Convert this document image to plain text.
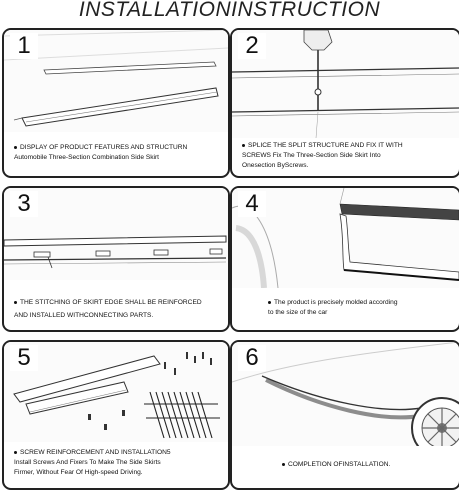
INSTALLATIONINSTRUCTION
1
DISPLAY OF PRODUCT FEATURES AND STRUCTURN
Automobile Three-Section Combination Side Skirt
2
SPLICE THE SPLIT STRUCTURE AND FIX IT WITH
SCREWS Fix The Three-Section Side Skirt Into
Onesection ByScrews.
3
THE STITCHING OF SKIRT EDGE SHALL BE REINFORCED
AND INSTALLED WITHCONNECTING PARTS.
4
The product is precisely molded according
to the size of the car
5
SCREW REINFORCEMENT AND INSTALLATION5
Install Screws And Fixers To Make The Side Skirts
Firmer, Without Fear Of High-speed Driving.
6
COMPLETION OFINSTALLATION.
